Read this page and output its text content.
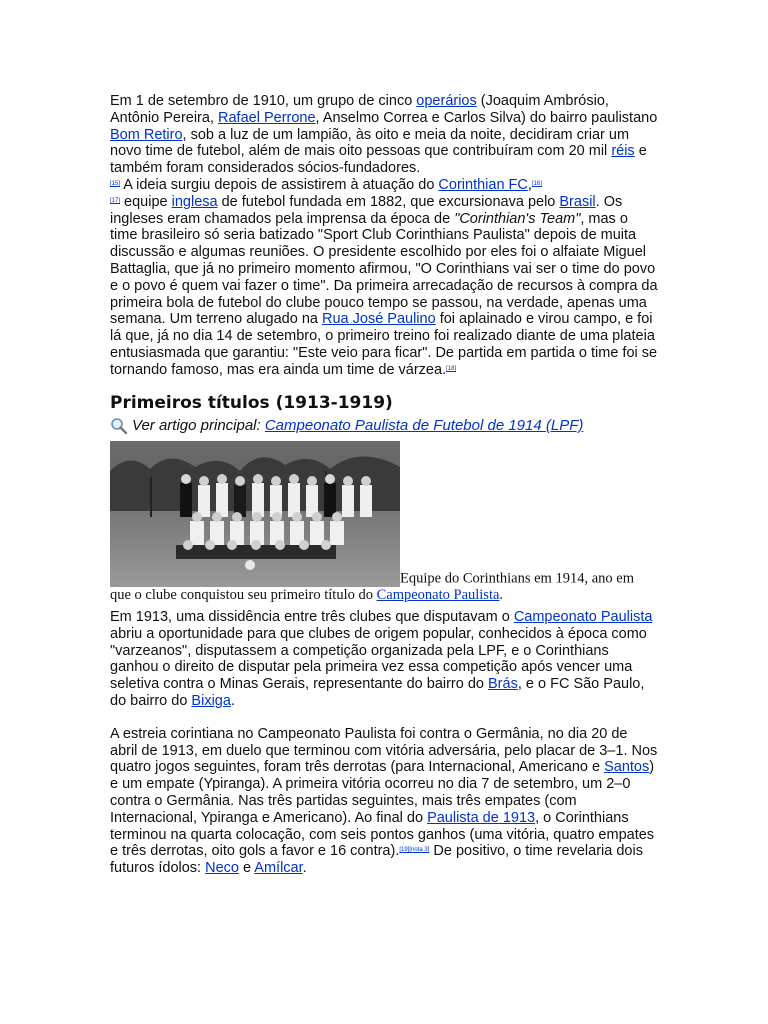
Em 1 de setembro de 1910, um grupo de cinco operários (Joaquim Ambrósio, Antônio Pereira, Rafael Perrone, Anselmo Correa e Carlos Silva) do bairro paulistano Bom Retiro, sob a luz de um lampião, às oito e meia da noite, decidiram criar um novo time de futebol, além de mais oito pessoas que contribuíram com 20 mil réis e também foram considerados sócios-fundadores.
[15] A ideia surgiu depois de assistirem à atuação do Corinthian FC,[16]
[17] equipe inglesa de futebol fundada em 1882, que excursionava pelo Brasil. Os ingleses eram chamados pela imprensa da época de "Corinthian's Team", mas o time brasileiro só seria batizado "Sport Club Corinthians Paulista" depois de muita discussão e algumas reuniões. O presidente escolhido por eles foi o alfaiate Miguel Battaglia, que já no primeiro momento afirmou, "O Corinthians vai ser o time do povo e o povo é quem vai fazer o time". Da primeira arrecadação de recursos à compra da primeira bola de futebol do clube pouco tempo se passou, na verdade, apenas uma semana. Um terreno alugado na Rua José Paulino foi aplainado e virou campo, e foi lá que, já no dia 14 de setembro, o primeiro treino foi realizado diante de uma plateia entusiasmada que garantiu: "Este veio para ficar". De partida em partida o time foi se tornando famoso, mas era ainda um time de várzea.[18]

Primeiros títulos (1913-1919)
Ver artigo principal:
Campeonato Paulista de Futebol de 1914 (LPF)
Equipe do Corinthians em 1914, ano em que o clube conquistou seu primeiro título do Campeonato Paulista.

Em 1913, uma dissidência entre três clubes que disputavam o Campeonato Paulista abriu a oportunidade para que clubes de origem popular, conhecidos à época como "varzeanos", disputassem a competição organizada pela LPF, e o Corinthians ganhou o direito de disputar pela primeira vez essa competição após vencer uma seletiva contra o Minas Gerais, representante do bairro do Brás, e o FC São Paulo, do bairro do Bixiga.

A estreia corintiana no Campeonato Paulista foi contra o Germânia, no dia 20 de abril de 1913, em duelo que terminou com vitória adversária, pelo placar de 3–1. Nos quatro jogos seguintes, foram três derrotas (para Internacional, Americano e Santos) e um empate (Ypiranga). A primeira vitória ocorreu no dia 7 de setembro, um 2–0 contra o Germânia. Nas três partidas seguintes, mais três empates (com Internacional, Ypiranga e Americano). Ao final do Paulista de 1913, o Corinthians terminou na quarta colocação, com seis pontos ganhos (uma vitória, quatro empates e três derrotas, oito gols a favor e 16 contra).[19][nota 3] De positivo, o time revelaria dois futuros ídolos: Neco e Amílcar.
